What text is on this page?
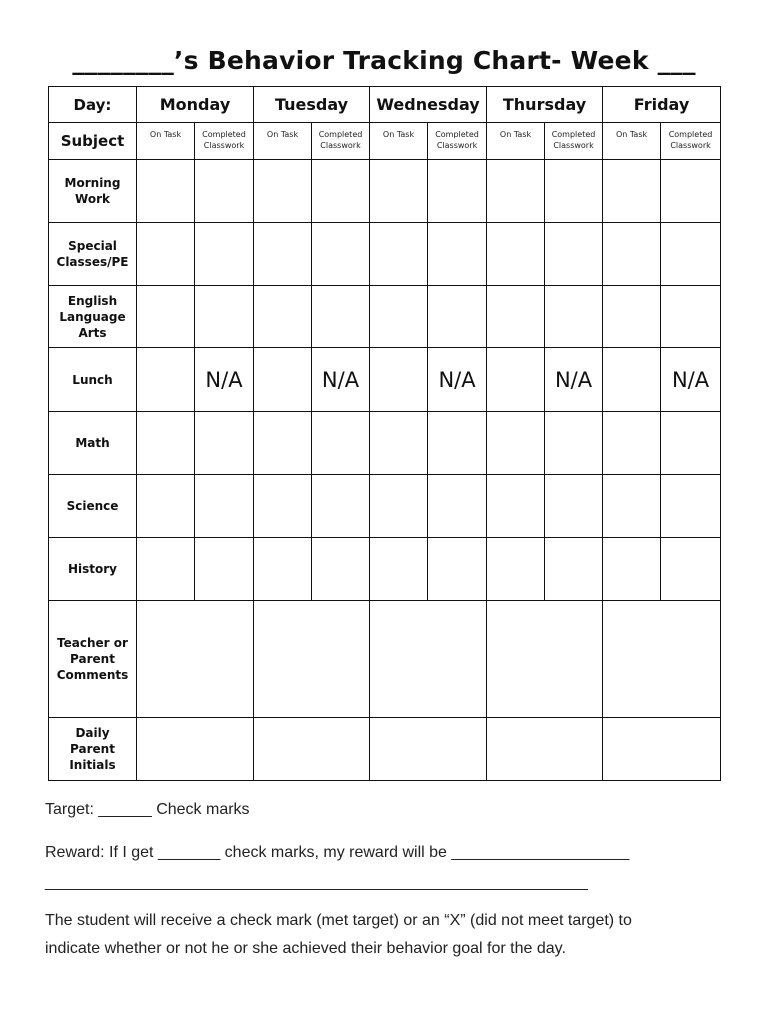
________’s Behavior Tracking Chart- Week ___
Day:	Monday		Tuesday		Wednesday		Thursday		Friday	
Subject	On Task	Completed Classwork	On Task	Completed Classwork	On Task	Completed Classwork	On Task	Completed Classwork	On Task	Completed Classwork

Morning
Work										

Special
Classes/PE										

English
Language
Arts										

Lunch		N/A		N/A		N/A		N/A		N/A

Math										

Science										

History										

Teacher or
Parent
Comments										

Daily
Parent
Initials										

Target: ______ Check marks
Reward: If I get _______ check marks, my reward will be ____________________
_____________________________________________________________
The student will receive a check mark (met target) or an “X” (did not meet target) to
indicate whether or not he or she achieved their behavior goal for the day.
